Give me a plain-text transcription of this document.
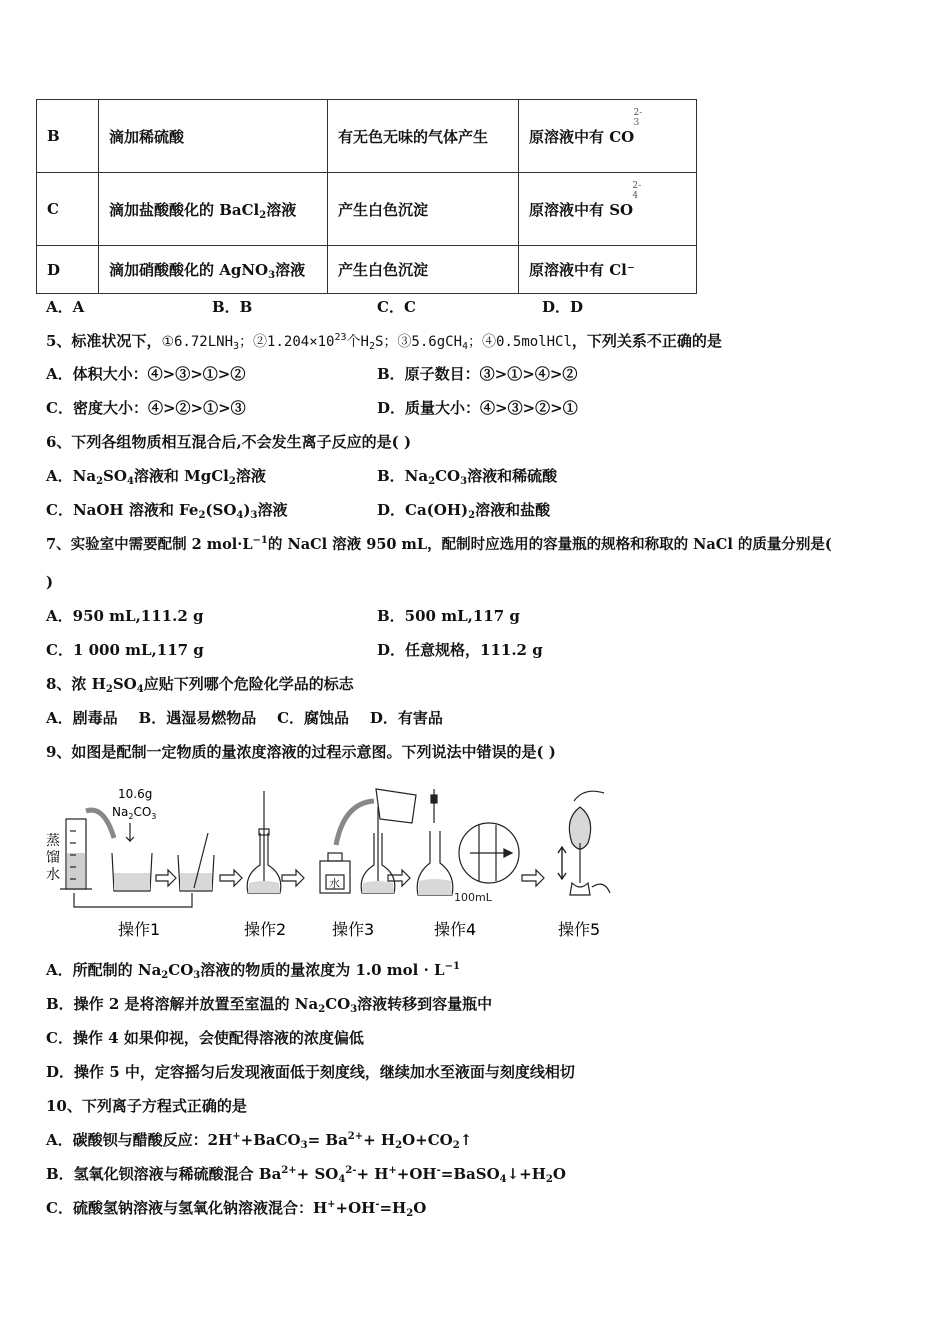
B	滴加稀硫酸	有无色无味的气体产生	原溶液中有 CO
2-
3

C	滴加盐酸酸化的 BaCl$_2$溶液	产生白色沉淀	原溶液中有 SO
2-
4

D	滴加硝酸酸化的 AgNO$_3$溶液	产生白色沉淀	原溶液中有 Cl⁻
A．A	B．B	C．C	D．D
5、标准状况下，$①6.72LNH_3$；$②1.204\times 10^{23}$个$H_2S$；③5.6gCH$_4$；④0.5molHCl，下列关系不正确的是
A．体积大小：④>③>①>②	B．原子数目：③>①>④>②
C．密度大小：④>②>①>③	D．质量大小：④>③>②>①
6、下列各组物质相互混合后,不会发生离子反应的是( )
A．$Na_2SO_4$溶液和 MgCl$_2$溶液	B．$Na_2CO_3$溶液和稀硫酸
C．NaOH 溶液和 $Fe_2(SO_4)_3$溶液	D．$Ca(OH)_2$溶液和盐酸
7、实验室中需要配制 2 $mol\cdot L^{-1}$的 NaCl 溶液 950 mL，配制时应选用的容量瓶的规格和称取的 NaCl 的质量分别是(
)
A．950 mL,111.2 g	B．500 mL,117 g
C．1 000 mL,117 g	D．任意规格，111.2 g
8、浓 $H_2SO_4$应贴下列哪个危险化学品的标志
A．剧毒品    B．遇湿易燃物品    C．腐蚀品    D．有害品
9、如图是配制一定物质的量浓度溶液的过程示意图。下列说法中错误的是( )
蒸
馏
水
10.6g
$Na_2CO_3$
操作1	操作2
水
操作3
100mL
操作4	操作5
A．所配制的 $Na_2CO_3$溶液的物质的量浓度为 1.0 mol · $L^{-1}$
B．操作 2 是将溶解并放置至室温的 $Na_2CO_3$溶液转移到容量瓶中
C．操作 4 如果仰视，会使配得溶液的浓度偏低
D．操作 5 中，定容摇匀后发现液面低于刻度线，继续加水至液面与刻度线相切
10、下列离子方程式正确的是
A．碳酸钡与醋酸反应：2H++BaCO$_3$= $Ba^{2+}+$ $H_2O+CO_2↑$
B．氢氧化钡溶液与稀硫酸混合 $Ba^{2+}+ SO_4^{2-}+$ $H^++OH^-=BaSO_4↓+H_2O$
C．硫酸氢钠溶液与氢氧化钠溶液混合：$H^++OH^-=H_2O$
